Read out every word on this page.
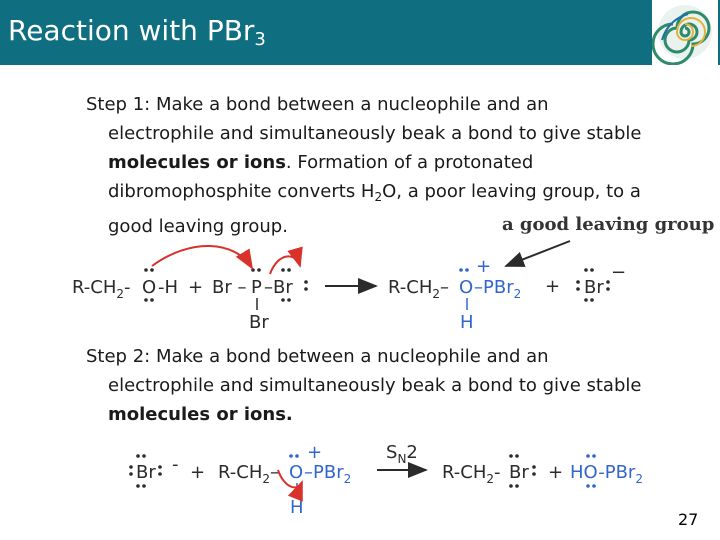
Reaction with PBr$_3$
Step 1: Make a bond between a nucleophile and an
electrophile and simultaneously beak a bond to give stable
molecules or ions. Formation of a protonated
dibromophosphite converts $H_2O$, a poor leaving group, to a
good leaving group.	a good leaving group
Step 2: Make a bond between a nucleophile and an
electrophile and simultaneously beak a bond to give stable
molecules or ions.
$R-CH_2-$ O -H + Br – P –Br
Br
$R-CH_2-$ O
+
–PBr$_2$
H
+ Br
−
Br - + $R-CH_2-$ O
+
–PBr$_2$
H
$S_N2$
$R-CH_2-$ Br + HO-PBr$_2$
27
